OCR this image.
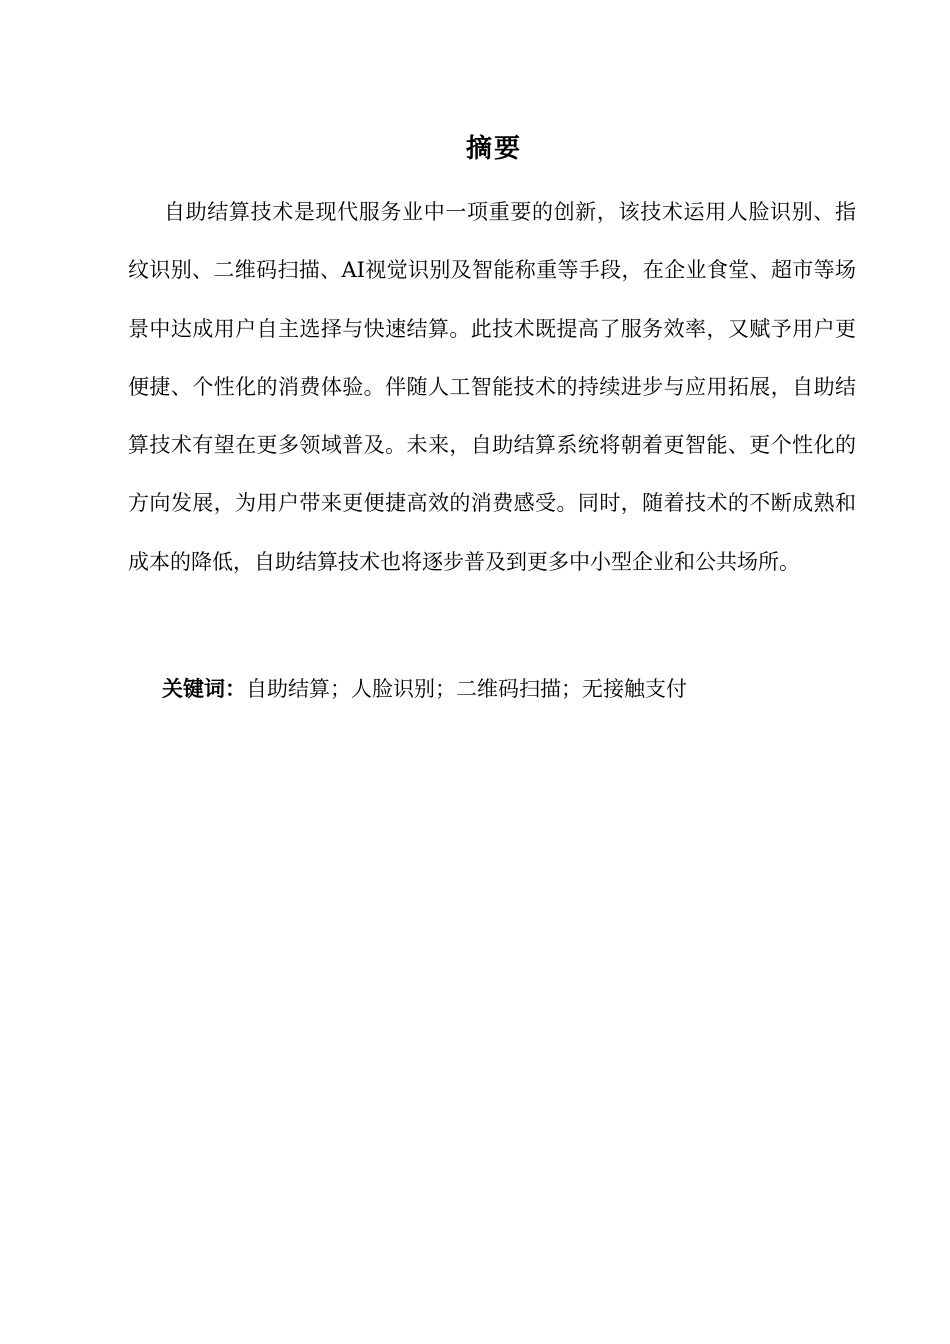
摘要

自助结算技术是现代服务业中一项重要的创新，该技术运用人脸识别、指纹识别、二维码扫描、AI视觉识别及智能称重等手段，在企业食堂、超市等场景中达成用户自主选择与快速结算。此技术既提高了服务效率，又赋予用户更便捷、个性化的消费体验。伴随人工智能技术的持续进步与应用拓展，自助结算技术有望在更多领域普及。未来，自助结算系统将朝着更智能、更个性化的方向发展，为用户带来更便捷高效的消费感受。同时，随着技术的不断成熟和成本的降低，自助结算技术也将逐步普及到更多中小型企业和公共场所。

关键词：自助结算；人脸识别；二维码扫描；无接触支付
